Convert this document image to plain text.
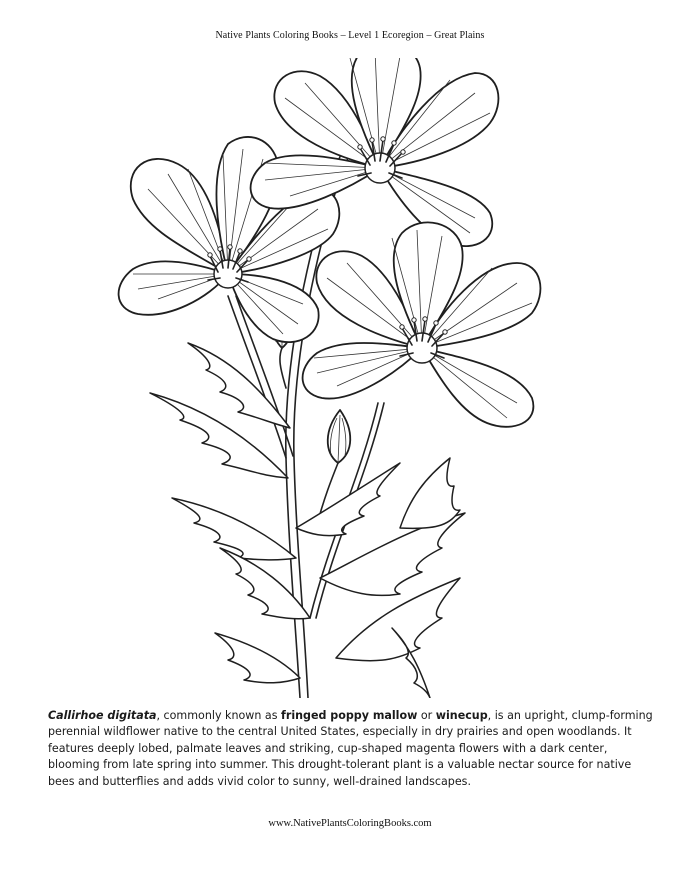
Native Plants Coloring Books – Level 1 Ecoregion – Great Plains
Callirhoe digitata, commonly known as fringed poppy mallow or winecup, is an upright, clump-forming perennial wildflower native to the central United States, especially in dry prairies and open woodlands. It features deeply lobed, palmate leaves and striking, cup-shaped magenta flowers with a dark center, blooming from late spring into summer. This drought-tolerant plant is a valuable nectar source for native bees and butterflies and adds vivid color to sunny, well-drained landscapes.
www.NativePlantsColoringBooks.com
